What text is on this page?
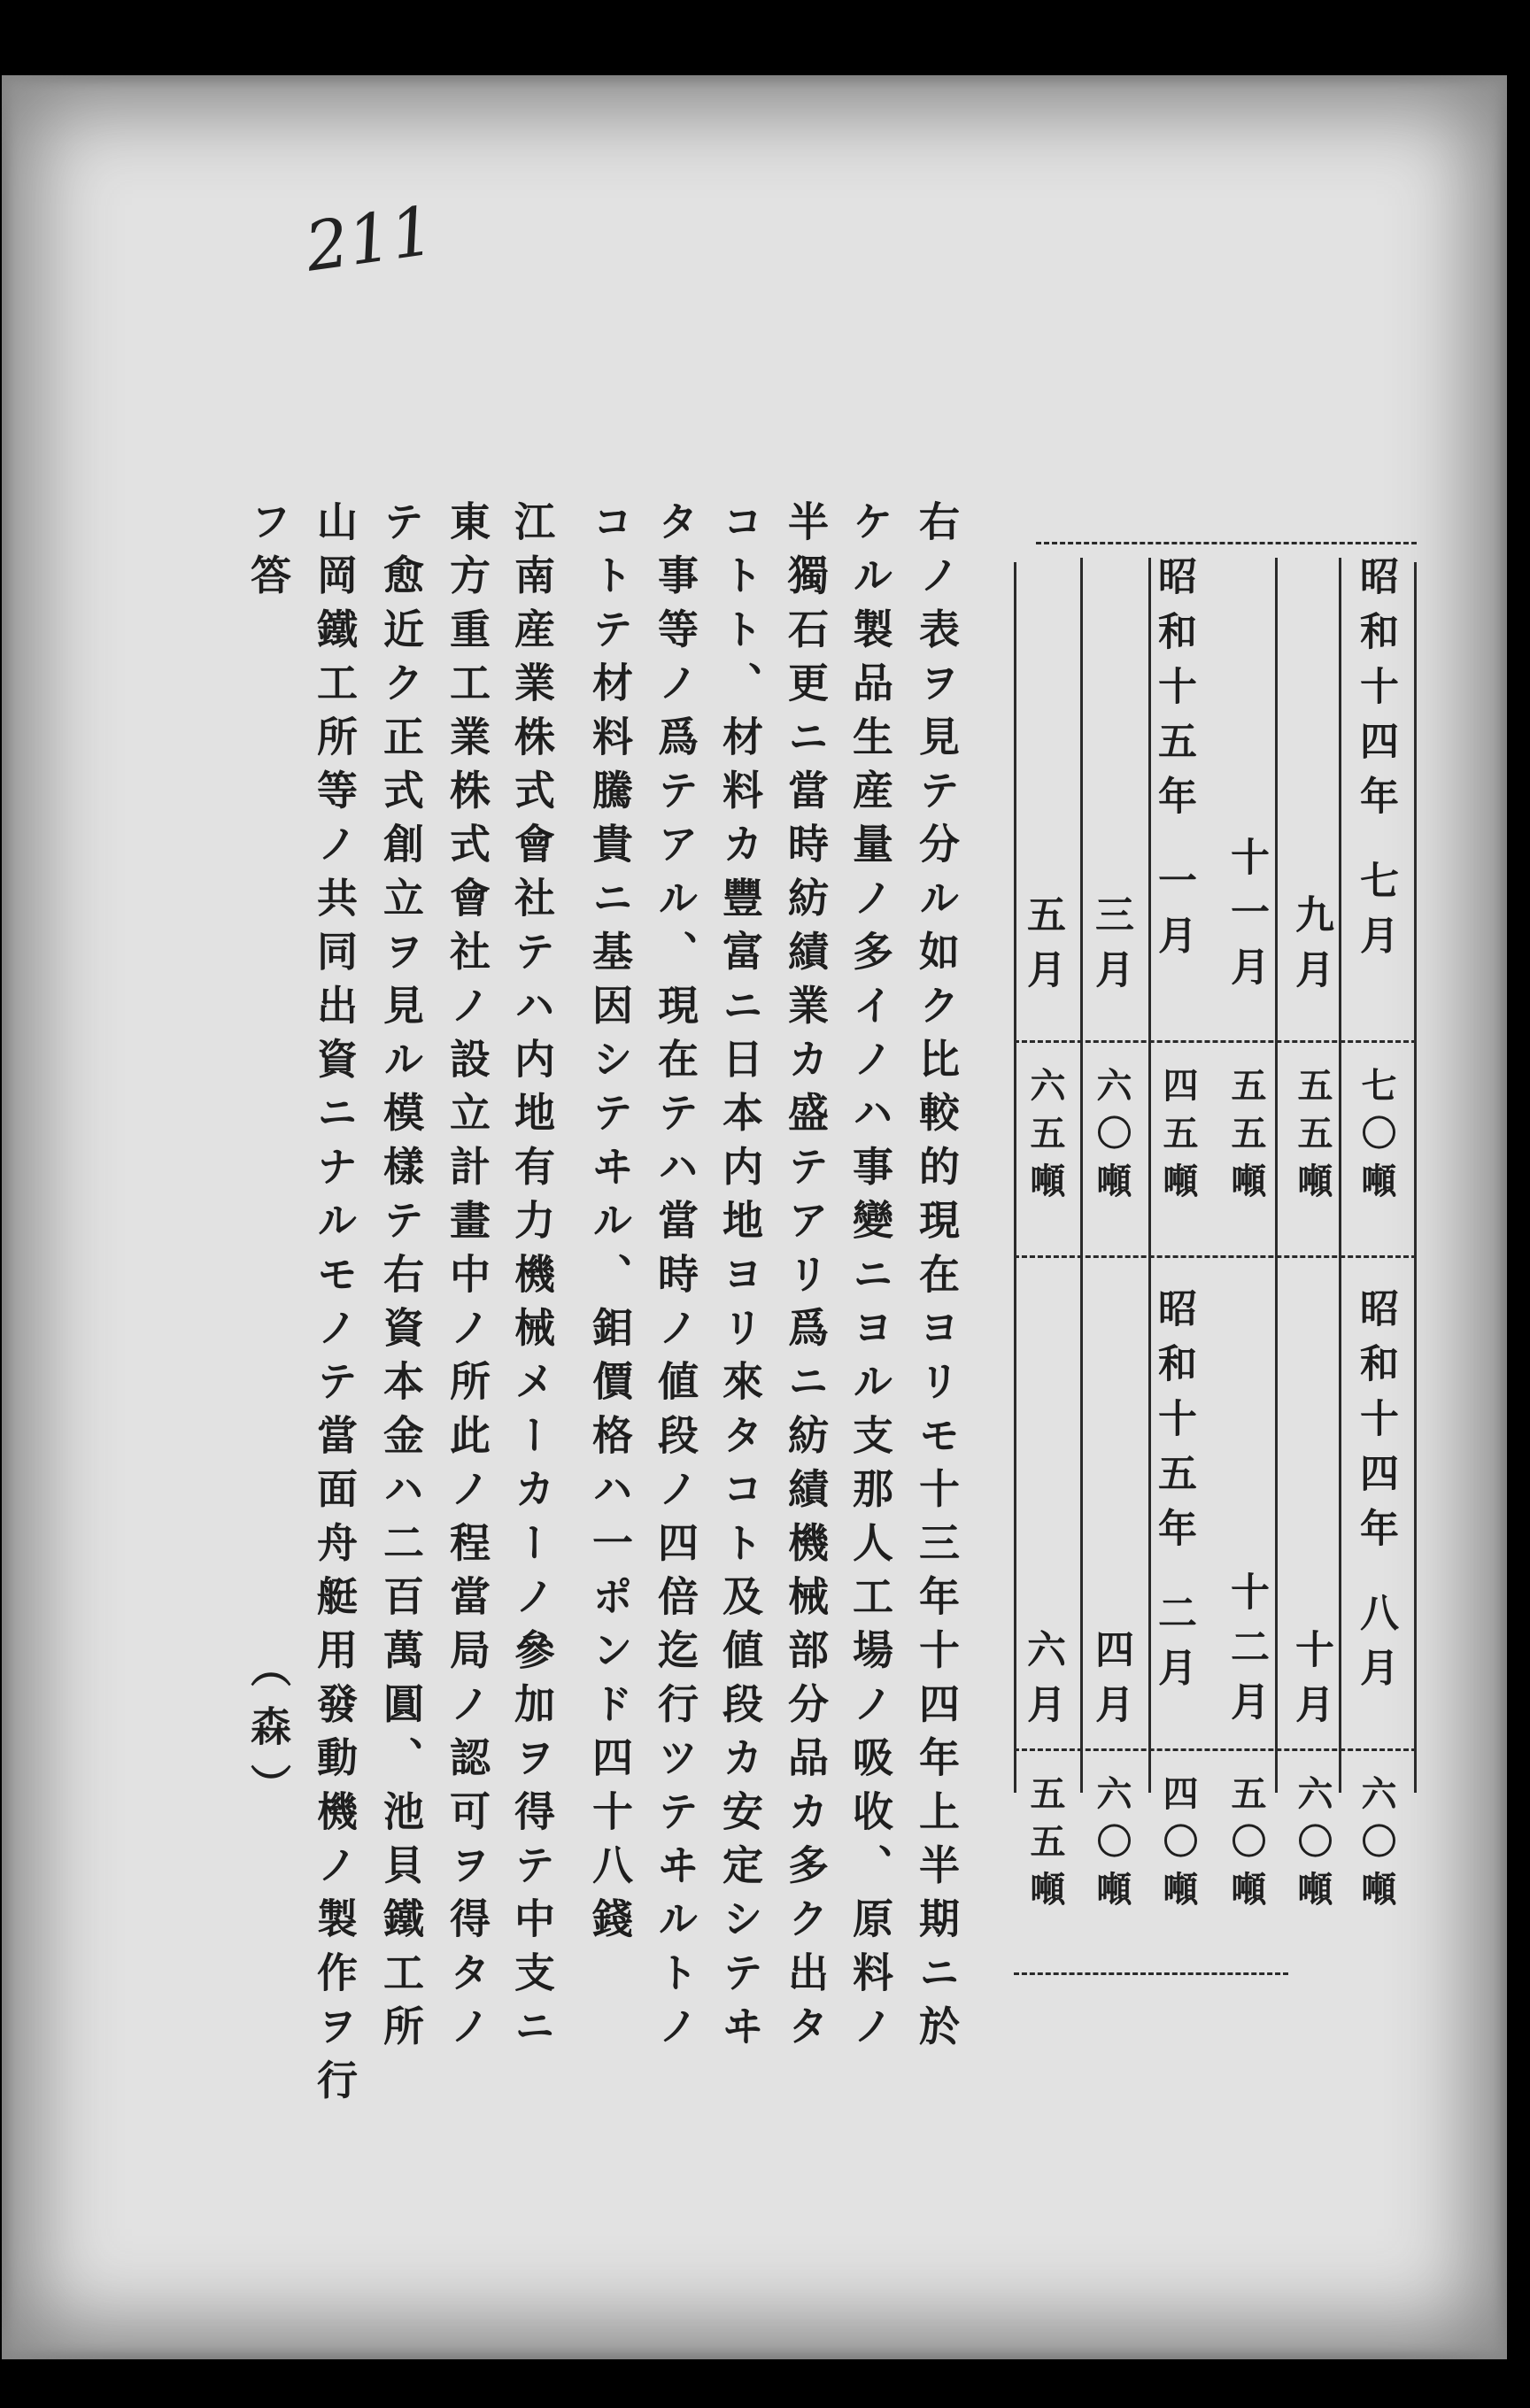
211
昭和十四年 七月
九月
十一月
昭和十五年 一月
三月
五月
七〇噸
五五噸
五五噸
四五噸
六〇噸
六五噸
昭和十四年 八月
十月
十二月
昭和十五年 二月
四月
六月
六〇噸
六〇噸
五〇噸
四〇噸
六〇噸
五五噸
右ノ表ヲ見テ分ル如ク比較的現在ヨリモ十三年十四年上半期ニ於
ケル製品生産量ノ多イノハ事變ニヨル支那人工場ノ吸收、原料ノ
半獨石更ニ當時紡績業カ盛テアリ爲ニ紡績機械部分品カ多ク出タ
コトト、材料カ豐富ニ日本内地ヨリ來タコト及値段カ安定シテヰ
タ事等ノ爲テアル、現在テハ當時ノ値段ノ四倍迄行ツテヰルトノ
コトテ材料騰貴ニ基因シテヰル、鉬價格ハ一ポンド四十八錢
江南産業株式會社テハ内地有力機械メーカーノ參加ヲ得テ中支ニ
東方重工業株式會社ノ設立計畫中ノ所此ノ程當局ノ認可ヲ得タノ
テ愈近ク正式創立ヲ見ル模樣テ右資本金ハ二百萬圓、池貝鐵工所
山岡鐵工所等ノ共同出資ニナルモノテ當面舟艇用發動機ノ製作ヲ行
フ答
（森）
